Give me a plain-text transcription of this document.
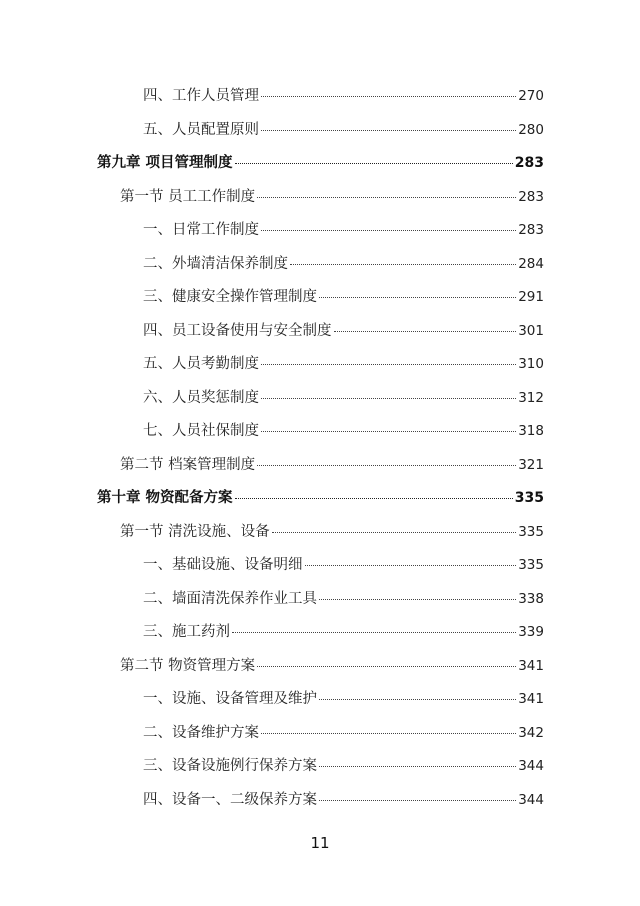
四、工作人员管理	270
五、人员配置原则	280
第九章 项目管理制度	283
第一节 员工工作制度	283
一、日常工作制度	283
二、外墙清洁保养制度	284
三、健康安全操作管理制度	291
四、员工设备使用与安全制度	301
五、人员考勤制度	310
六、人员奖惩制度	312
七、人员社保制度	318
第二节 档案管理制度	321
第十章 物资配备方案	335
第一节 清洗设施、设备	335
一、基础设施、设备明细	335
二、墙面清洗保养作业工具	338
三、施工药剂	339
第二节 物资管理方案	341
一、设施、设备管理及维护	341
二、设备维护方案	342
三、设备设施例行保养方案	344
四、设备一、二级保养方案	344
11
